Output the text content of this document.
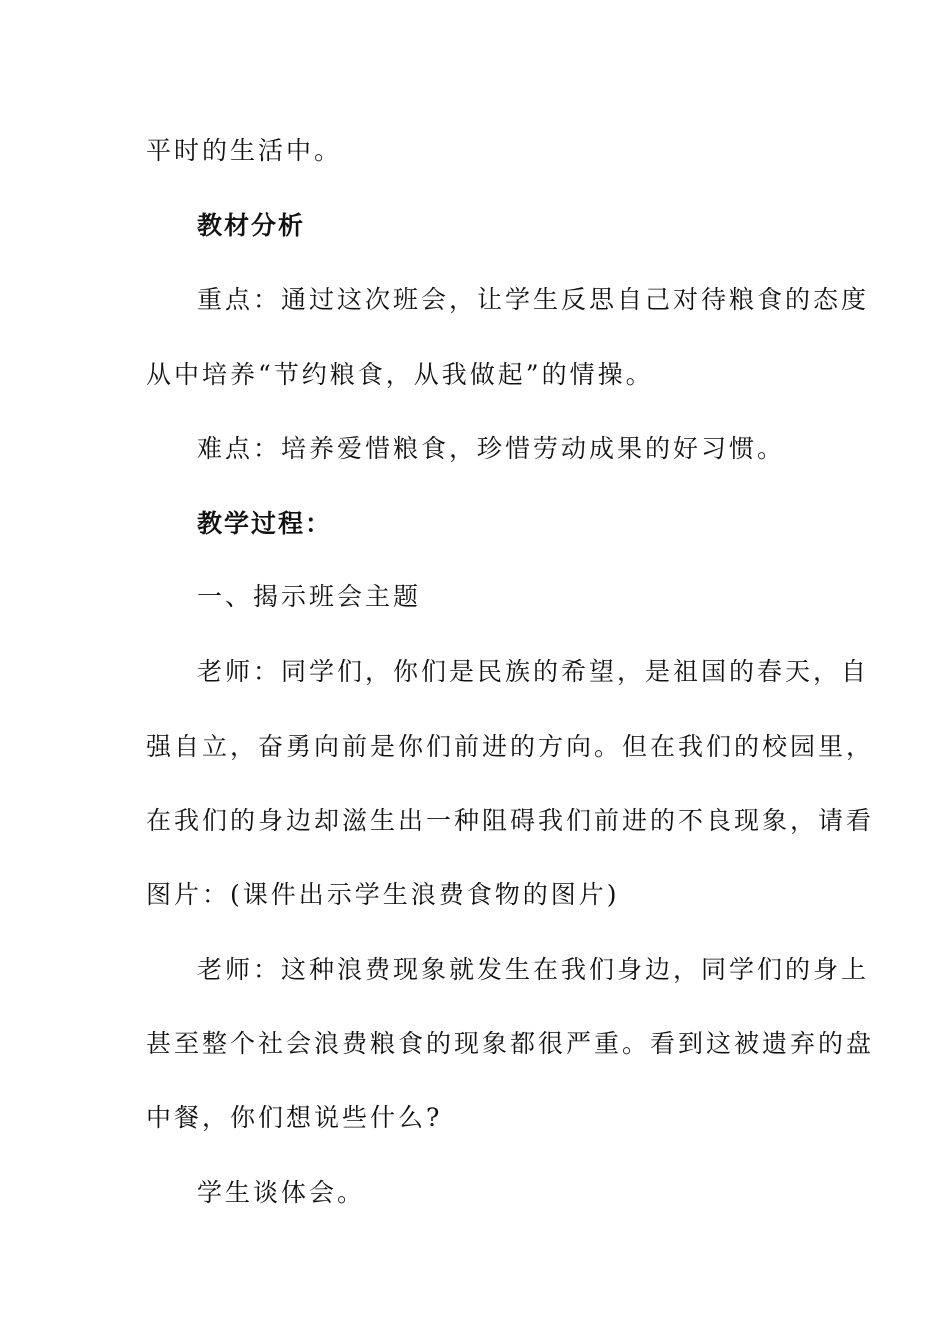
平时的生活中。

教材分析

重点：通过这次班会，让学生反思自己对待粮食的态度

从中培养“节约粮食，从我做起”的情操。

难点：培养爱惜粮食，珍惜劳动成果的好习惯。

教学过程：

一、揭示班会主题

老师：同学们，你们是民族的希望，是祖国的春天，自

强自立，奋勇向前是你们前进的方向。但在我们的校园里，

在我们的身边却滋生出一种阻碍我们前进的不良现象，请看

图片：(课件出示学生浪费食物的图片)

老师：这种浪费现象就发生在我们身边，同学们的身上

甚至整个社会浪费粮食的现象都很严重。看到这被遗弃的盘

中餐，你们想说些什么?

学生谈体会。
